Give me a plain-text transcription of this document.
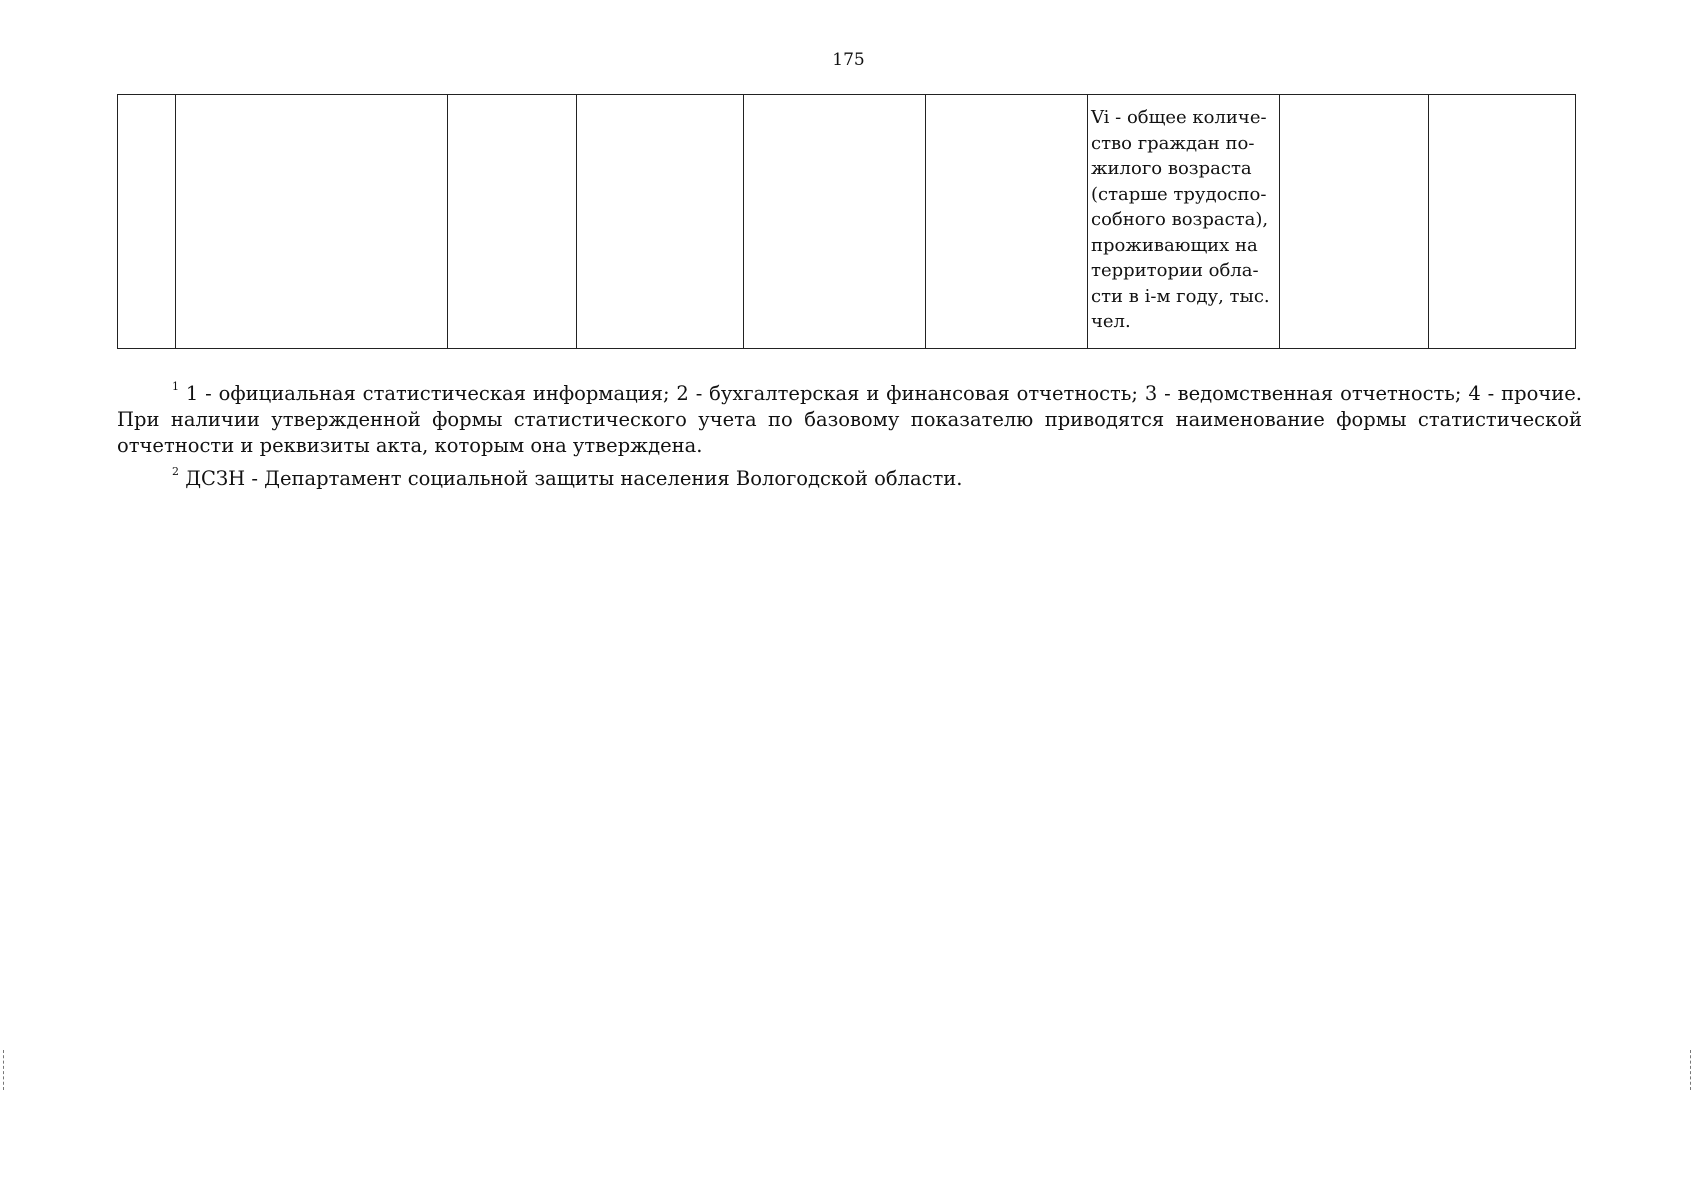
175

Vi - общее количе-ство граждан по-жилого возраста (старше трудоспо-собного возраста), проживающих на территории обла-сти в i-м году, тыс. чел.

$^1$ 1 - официальная статистическая информация; 2 - бухгалтерская и финансовая отчетность; 3 - ведомственная отчетность; 4 - прочие. При наличии утвержденной формы статистического учета по базовому показателю приводятся наименование формы статистической отчетности и реквизиты акта, которым она утверждена.

$^2$ ДСЗН - Департамент социальной защиты населения Вологодской области.
